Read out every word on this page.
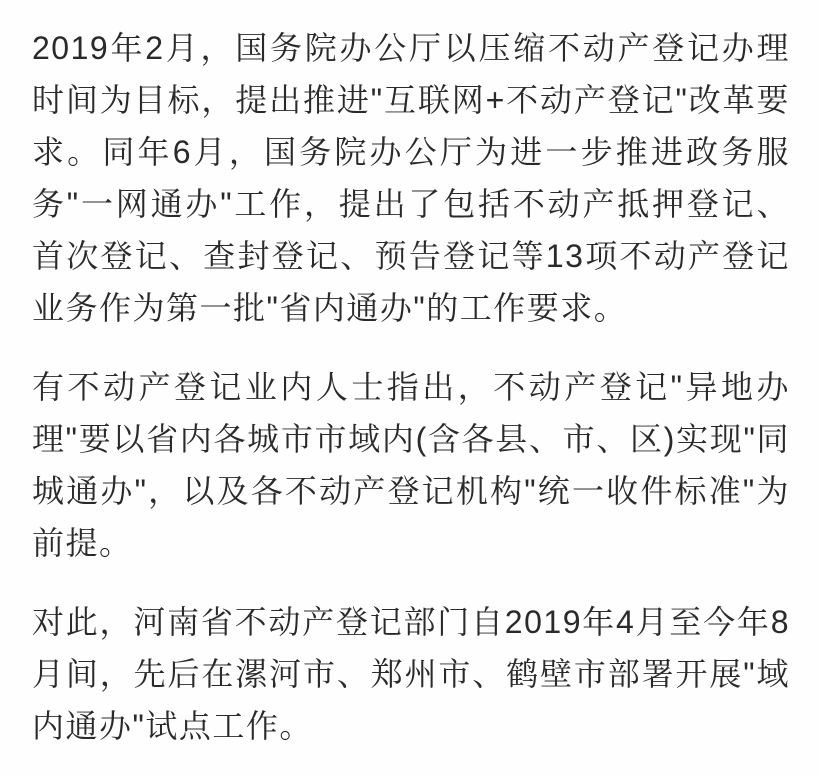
2019年2月，国务院办公厅以压缩不动产登记办理时间为目标，提出推进"互联网+不动产登记"改革要求。同年6月，国务院办公厅为进一步推进政务服务"一网通办"工作，提出了包括不动产抵押登记、首次登记、查封登记、预告登记等13项不动产登记业务作为第一批"省内通办"的工作要求。

有不动产登记业内人士指出，不动产登记"异地办理"要以省内各城市市域内(含各县、市、区)实现"同城通办"，以及各不动产登记机构"统一收件标准"为前提。

对此，河南省不动产登记部门自2019年4月至今年8月间，先后在漯河市、郑州市、鹤壁市部署开展"域内通办"试点工作。
